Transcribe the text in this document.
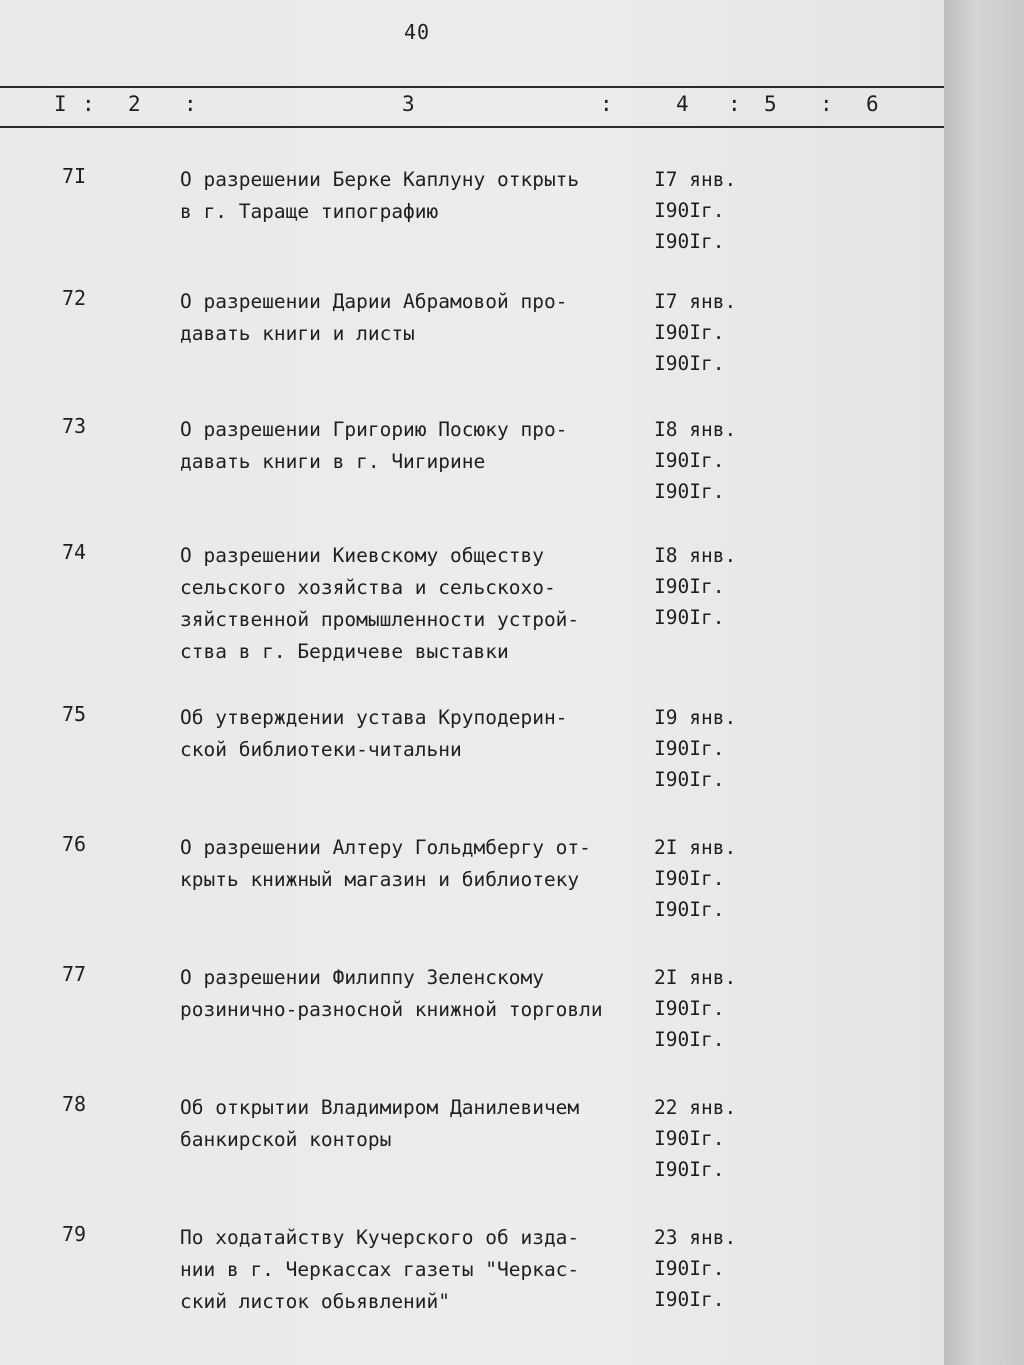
40
I : 2 :	3	:	4 : 5 : 6
7I	О разрешении Берке Каплуну открыть
в г. Тараще типографию
I7 янв.
I90Iг.
I90Iг.
72	О разрешении Дарии Абрамовой про-
давать книги и листы
I7 янв.
I90Iг.
I90Iг.
73	О разрешении Григорию Посюку про-
давать книги в г. Чигирине
I8 янв.
I90Iг.
I90Iг.
74	О разрешении Киевскому обществу
сельского хозяйства и сельскохо-
зяйственной промышленности устрой-
ства в г. Бердичеве выставки
I8 янв.
I90Iг.
I90Iг.
75	Об утверждении устава Круподерин-
ской библиотеки-читальни
I9 янв.
I90Iг.
I90Iг.
76	О разрешении Алтеру Гольдмбергу от-
крыть книжный магазин и библиотеку
2I янв.
I90Iг.
I90Iг.
77	О разрешении Филиппу Зеленскому
розинично-разносной книжной торговли
2I янв.
I90Iг.
I90Iг.
78	Об открытии Владимиром Данилевичем
банкирской конторы
22 янв.
I90Iг.
I90Iг.
79	По ходатайству Кучерского об изда-
нии в г. Черкассах газеты "Черкас-
ский листок обьявлений"
23 янв.
I90Iг.
I90Iг.
